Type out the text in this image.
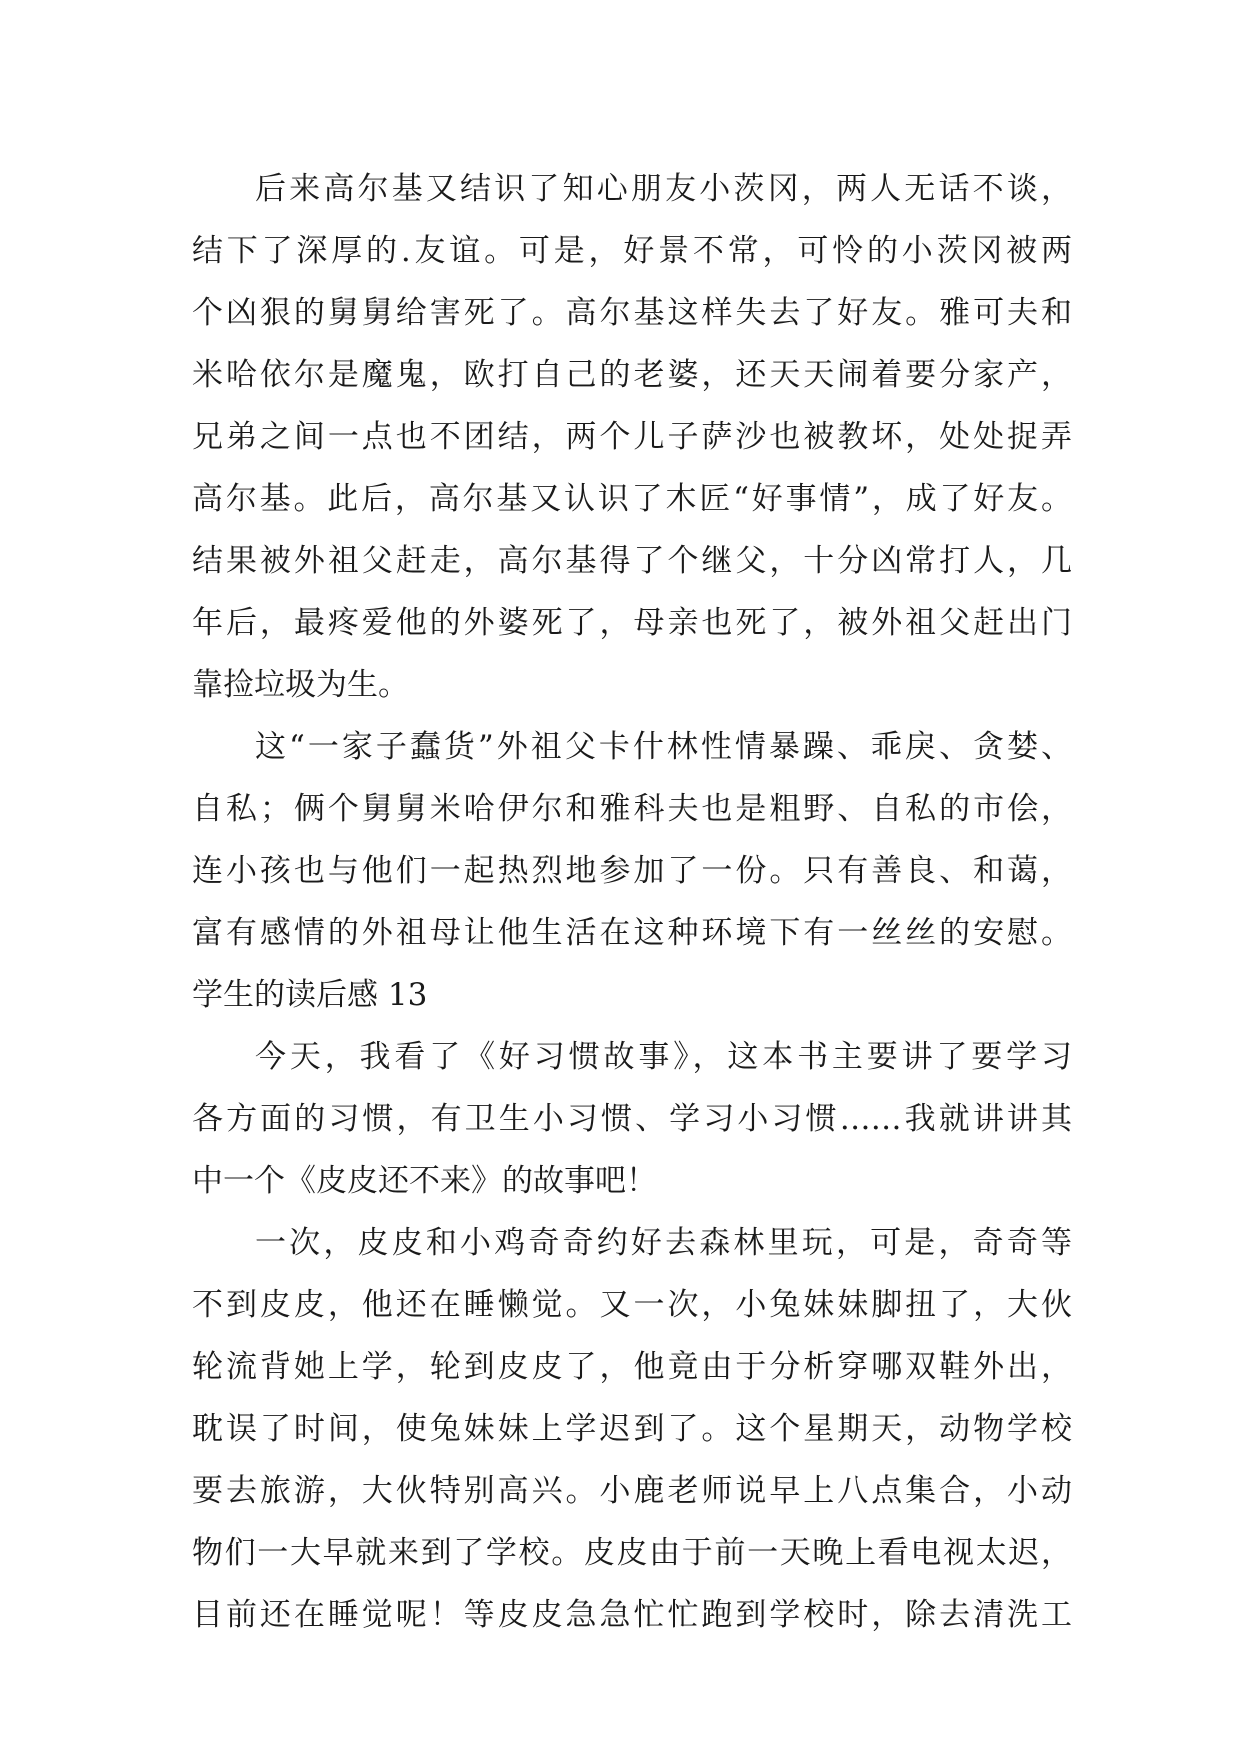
后来高尔基又结识了知心朋友小茨冈，两人无话不谈，
结下了深厚的.友谊。可是，好景不常，可怜的小茨冈被两
个凶狠的舅舅给害死了。高尔基这样失去了好友。雅可夫和
米哈依尔是魔鬼，欧打自己的老婆，还天天闹着要分家产，
兄弟之间一点也不团结，两个儿子萨沙也被教坏，处处捉弄
高尔基。此后，高尔基又认识了木匠“好事情”，成了好友。
结果被外祖父赶走，高尔基得了个继父，十分凶常打人，几
年后，最疼爱他的外婆死了，母亲也死了，被外祖父赶出门
靠捡垃圾为生。
这“一家子蠢货”外祖父卡什林性情暴躁、乖戾、贪婪、
自私；俩个舅舅米哈伊尔和雅科夫也是粗野、自私的市侩，
连小孩也与他们一起热烈地参加了一份。只有善良、和蔼，
富有感情的外祖母让他生活在这种环境下有一丝丝的安慰。
学生的读后感 13
今天，我看了《好习惯故事》，这本书主要讲了要学习
各方面的习惯，有卫生小习惯、学习小习惯……我就讲讲其
中一个《皮皮还不来》的故事吧！
一次，皮皮和小鸡奇奇约好去森林里玩，可是，奇奇等
不到皮皮，他还在睡懒觉。又一次，小兔妹妹脚扭了，大伙
轮流背她上学，轮到皮皮了，他竟由于分析穿哪双鞋外出，
耽误了时间，使兔妹妹上学迟到了。这个星期天，动物学校
要去旅游，大伙特别高兴。小鹿老师说早上八点集合，小动
物们一大早就来到了学校。皮皮由于前一天晚上看电视太迟，
目前还在睡觉呢！等皮皮急急忙忙跑到学校时，除去清洗工
